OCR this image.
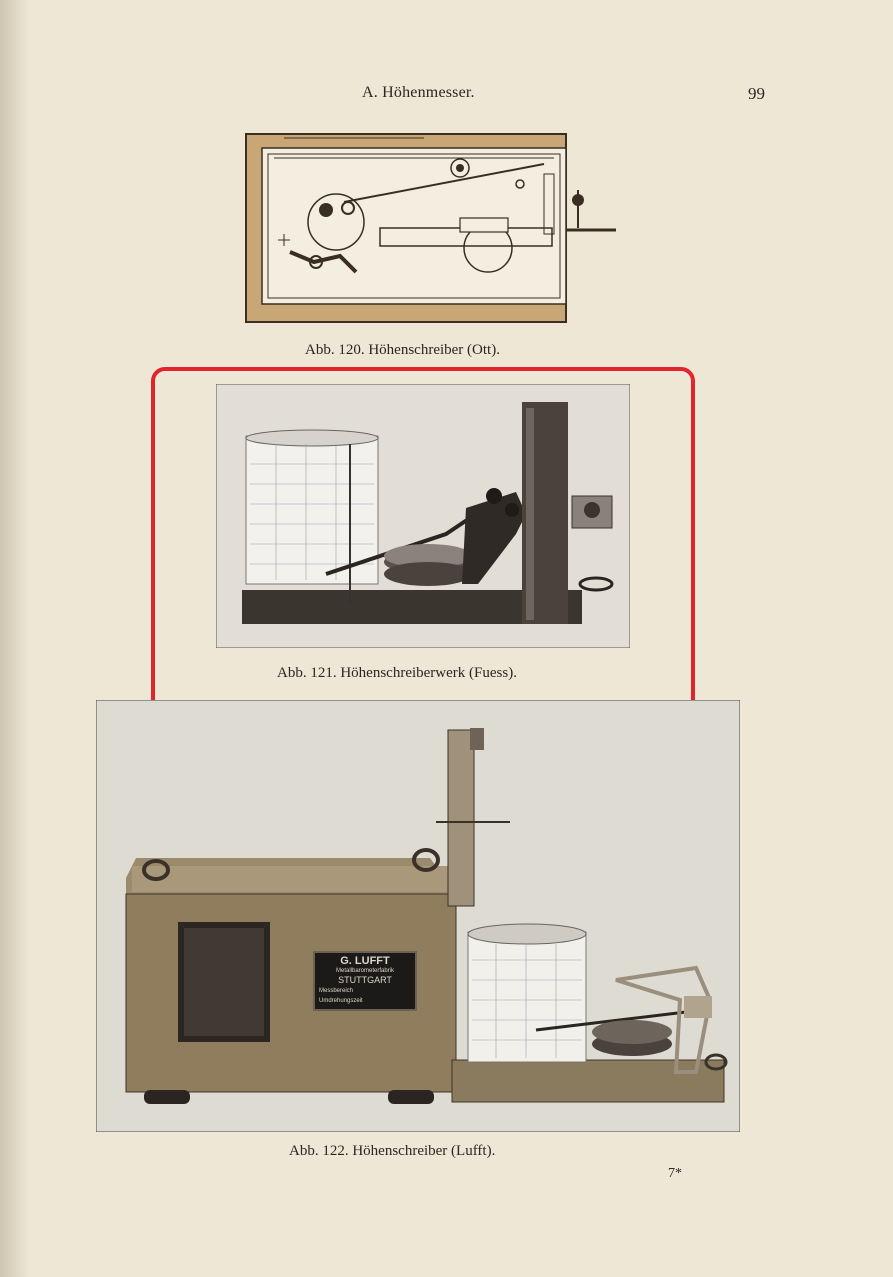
A. Höhenmesser.	99
Abb. 120. Höhenschreiber (Ott).
Abb. 121. Höhenschreiberwerk (Fuess).
G. LUFFT
Metallbarometerfabrik
STUTTGART
Messbereich
Umdrehungszeit
Abb. 122. Höhenschreiber (Lufft).
7*
